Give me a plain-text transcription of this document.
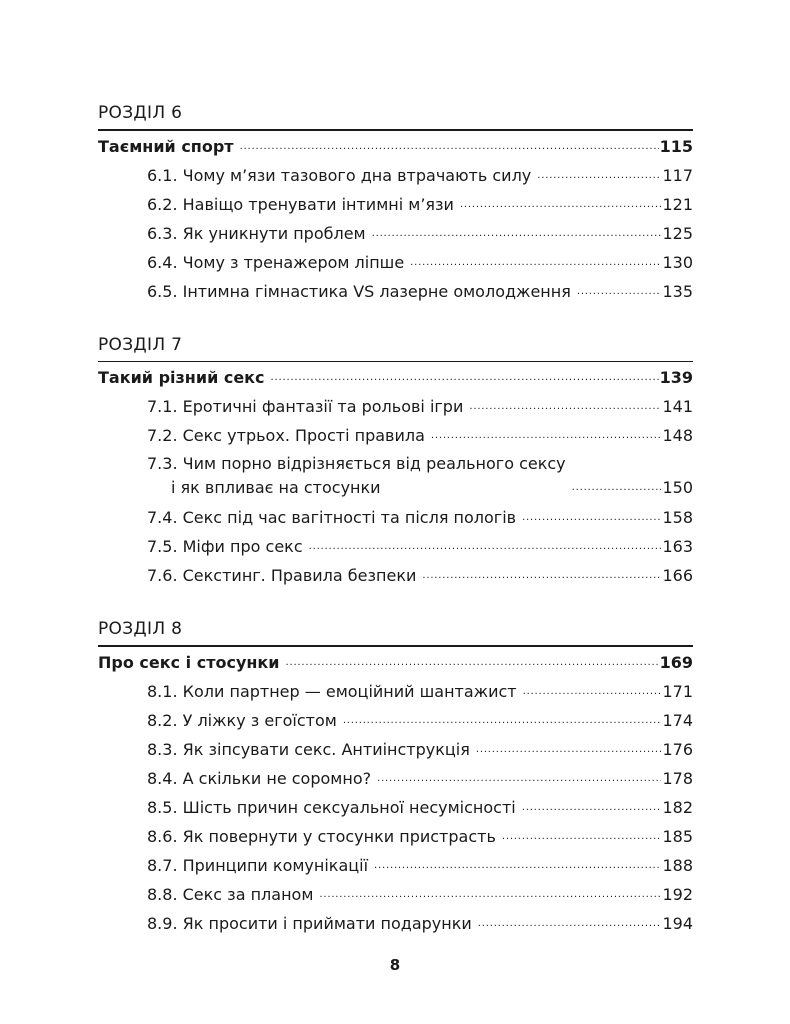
РОЗДІЛ 6
Таємний спорт .....	115
6.1. Чому м’язи тазового дна втрачають силу .....	117
6.2. Навіщо тренувати інтимні м’язи .....	121
6.3. Як уникнути проблем .....	125
6.4. Чому з тренажером ліпше .....	130
6.5. Інтимна гімнастика VS лазерне омолодження .....	135
РОЗДІЛ 7
Такий різний секс .....	139
7.1. Еротичні фантазії та рольові ігри .....	141
7.2. Секс утрьох. Прості правила .....	148
7.3. Чим порно відрізняється від реального сексу
і як впливає на стосунки .....	150
7.4. Секс під час вагітності та після пологів .....	158
7.5. Міфи про секс .....	163
7.6. Секстинг. Правила безпеки .....	166
РОЗДІЛ 8
Про секс і стосунки .....	169
8.1. Коли партнер — емоційний шантажист .....	171
8.2. У ліжку з егоїстом .....	174
8.3. Як зіпсувати секс. Антиінструкція .....	176
8.4. А скільки не соромно? .....	178
8.5. Шість причин сексуальної несумісності .....	182
8.6. Як повернути у стосунки пристрасть .....	185
8.7. Принципи комунікації .....	188
8.8. Секс за планом .....	192
8.9. Як просити і приймати подарунки .....	194
8
